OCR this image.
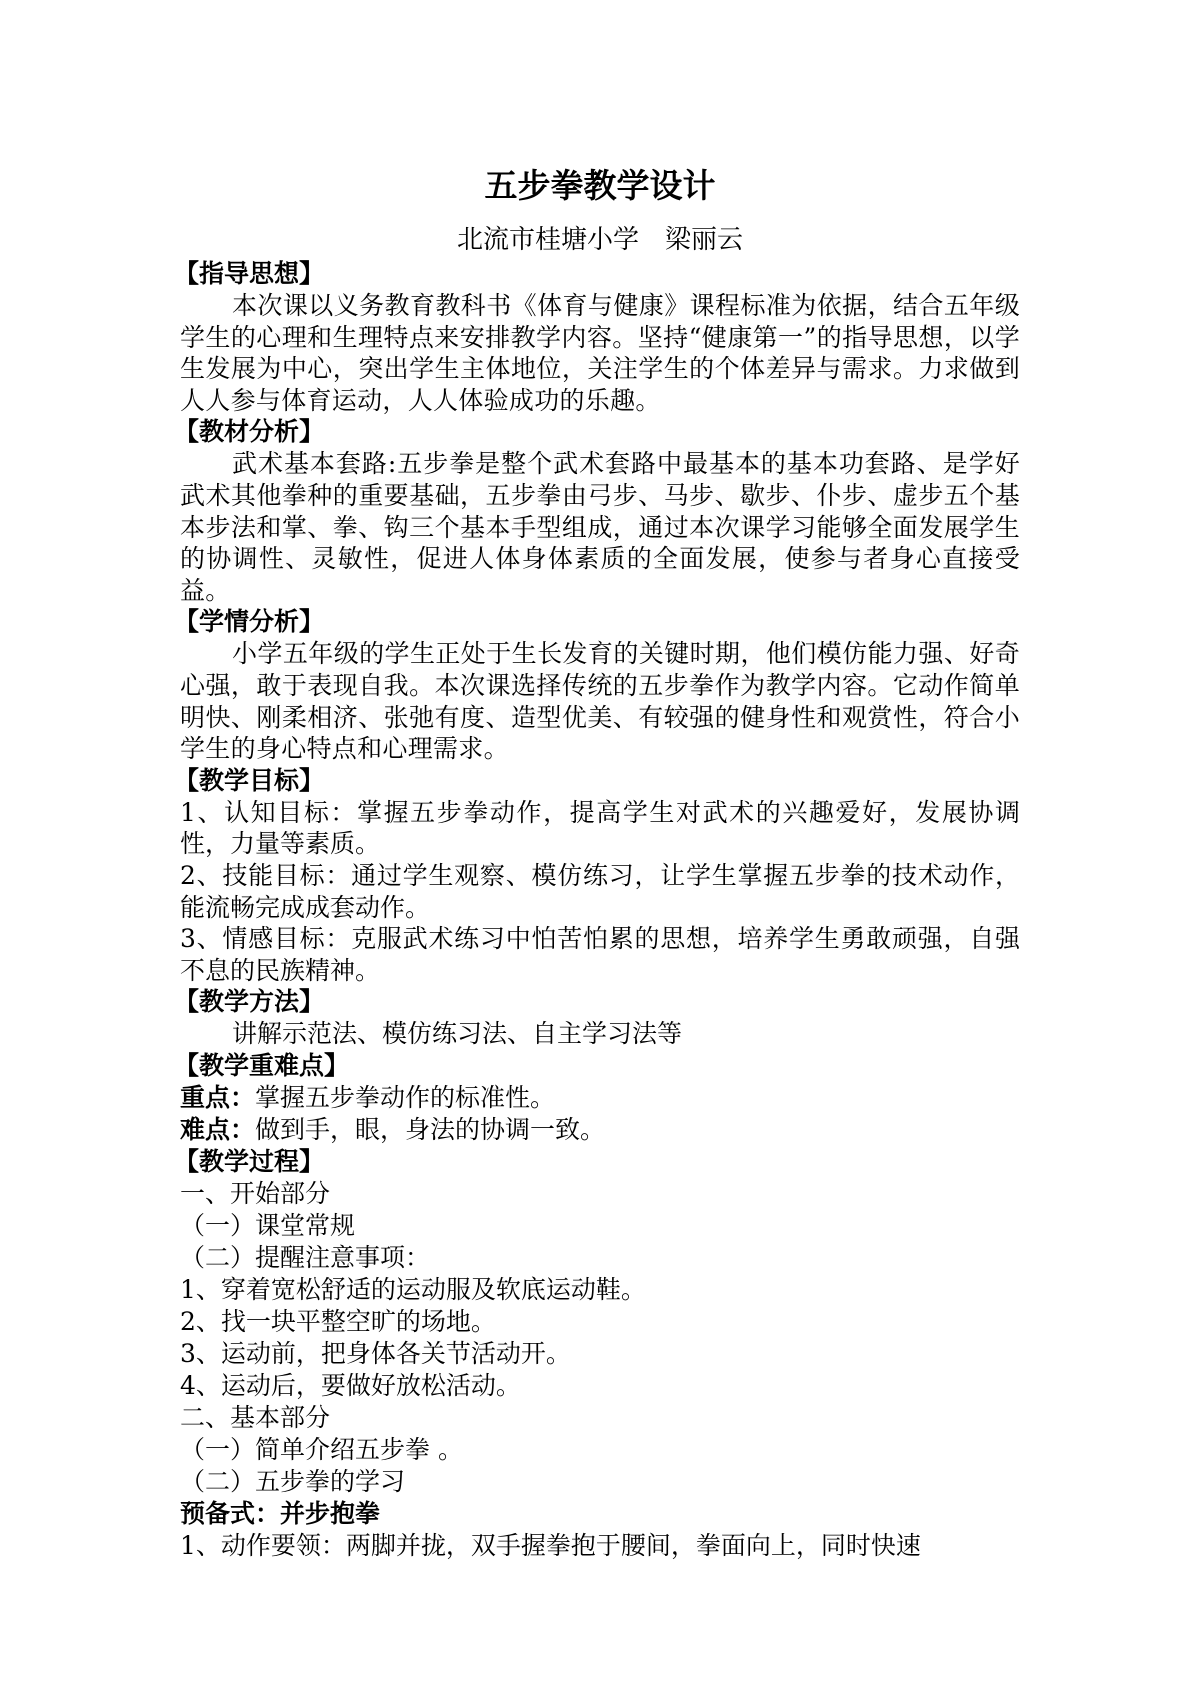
五步拳教学设计
北流市桂塘小学　梁丽云
【指导思想】
本次课以义务教育教科书《体育与健康》课程标准为依据，结合五年级学生的心理和生理特点来安排教学内容。坚持“健康第一”的指导思想，以学生发展为中心，突出学生主体地位，关注学生的个体差异与需求。力求做到人人参与体育运动，人人体验成功的乐趣。
【教材分析】
武术基本套路:五步拳是整个武术套路中最基本的基本功套路、是学好武术其他拳种的重要基础，五步拳由弓步、马步、歇步、仆步、虚步五个基本步法和掌、拳、钩三个基本手型组成，通过本次课学习能够全面发展学生的协调性、灵敏性，促进人体身体素质的全面发展，使参与者身心直接受益。
【学情分析】
小学五年级的学生正处于生长发育的关键时期，他们模仿能力强、好奇心强，敢于表现自我。本次课选择传统的五步拳作为教学内容。它动作简单明快、刚柔相济、张弛有度、造型优美、有较强的健身性和观赏性，符合小学生的身心特点和心理需求。
【教学目标】
1、认知目标：掌握五步拳动作，提高学生对武术的兴趣爱好，发展协调性，力量等素质。
2、技能目标：通过学生观察、模仿练习，让学生掌握五步拳的技术动作，能流畅完成成套动作。
3、情感目标：克服武术练习中怕苦怕累的思想，培养学生勇敢顽强，自强不息的民族精神。
【教学方法】
讲解示范法、模仿练习法、自主学习法等
【教学重难点】
重点：掌握五步拳动作的标准性。
难点：做到手，眼，身法的协调一致。
【教学过程】
一、开始部分
（一）课堂常规
（二）提醒注意事项：
1、穿着宽松舒适的运动服及软底运动鞋。
2、找一块平整空旷的场地。
3、运动前，把身体各关节活动开。
4、运动后，要做好放松活动。
二、基本部分
（一）简单介绍五步拳 。
（二）五步拳的学习
预备式：并步抱拳
1、动作要领：两脚并拢，双手握拳抱于腰间，拳面向上，同时快速
